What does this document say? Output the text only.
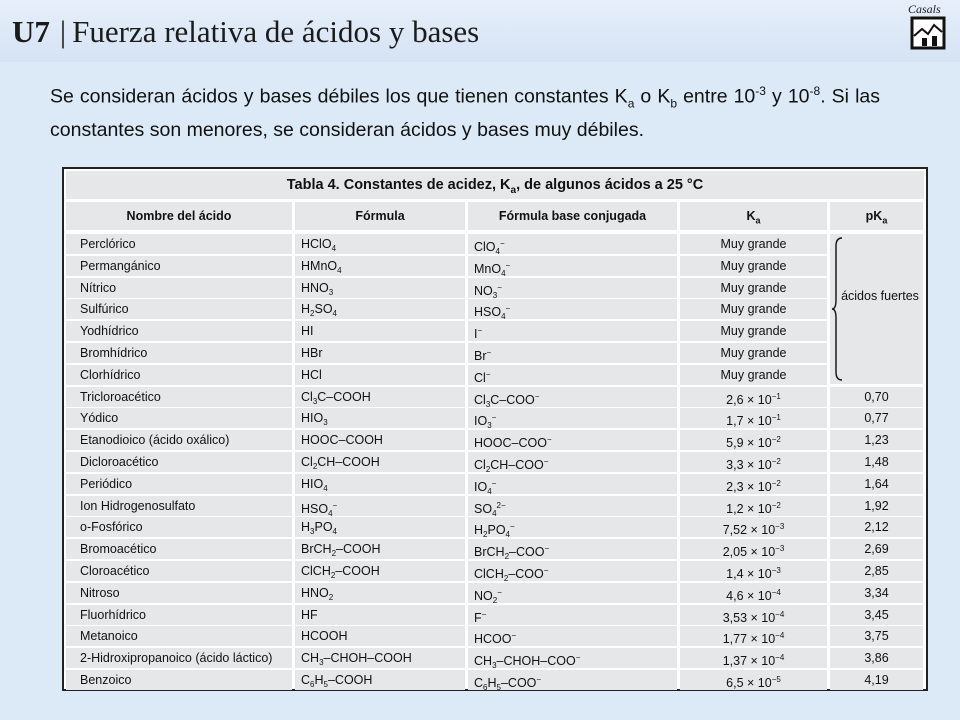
U7 | Fuerza relativa de ácidos y bases
Casals

Se consideran ácidos y bases débiles los que tienen constantes $K_a$ o $K_b$ entre $10^{-3}$ y $10^{-8}$. Si las constantes son menores, se consideran ácidos y bases muy débiles.

Tabla 4. Constantes de acidez, $K_a$, de algunos ácidos a 25 °C
Nombre del ácido	Fórmula	Fórmula base conjugada	$K_a$	$pK_a$
Perclórico	HClO$_4$	ClO$_4$−	Muy grande
Permangánico	HMnO$_4$	MnO$_4$−	Muy grande
Nítrico	$HNO_3$	$NO_3^-$	Muy grande
Sulfúrico	$H_2SO_4$	$HSO_4^-$	Muy grande
Yodhídrico	HI	I−	Muy grande
Bromhídrico	HBr	Br−	Muy grande
Clorhídrico	HCl	Cl−	Muy grande
Tricloroacético	$Cl_3C$–COOH	$Cl_3C-COO^-$	$2,6 \times 10^{-1}$	0,70
Yódico	$HIO_3$	$IO_3^-$	$1,7 \times 10^{-1}$	0,77
Etanodioico (ácido oxálico)	HOOC–COOH	HOOC–COO−	$5,9 \times 10^{-2}$	1,23
Dicloroacético	$Cl_2CH$–COOH	$Cl_2CH-COO^-$	$3,3 \times 10^{-2}$	1,48
Periódico	$HIO_4$	$IO_4^-$	$2,3 \times 10^{-2}$	1,64
Ion Hidrogenosulfato	$HSO_4^-$	$SO_4^{2-}$	$1,2 \times 10^{-2}$	1,92
o-Fosfórico	$H_3PO_4$	$H_2PO_4^-$	$7,52 \times 10^{-3}$	2,12
Bromoacético	BrCH$_2$–COOH	BrCH$_2$–COO−	$2,05 \times 10^{-3}$	2,69
Cloroacético	ClCH$_2$–COOH	ClCH$_2$–COO−	$1,4 \times 10^{-3}$	2,85
Nitroso	$HNO_2$	$NO_2^-$	$4,6 \times 10^{-4}$	3,34
Fluorhídrico	HF	F−	$3,53 \times 10^{-4}$	3,45
Metanoico	HCOOH	HCOO−	$1,77 \times 10^{-4}$	3,75
2-Hidroxipropanoico (ácido láctico)	$CH_3-CHOH$–COOH	$CH_3-CHOH-COO^-$	$1,37 \times 10^{-4}$	3,86
Benzoico	$C_6H_5$–COOH	$C_6H_5-COO^-$	$6,5 \times 10^{-5}$	4,19
ácidos fuertes
